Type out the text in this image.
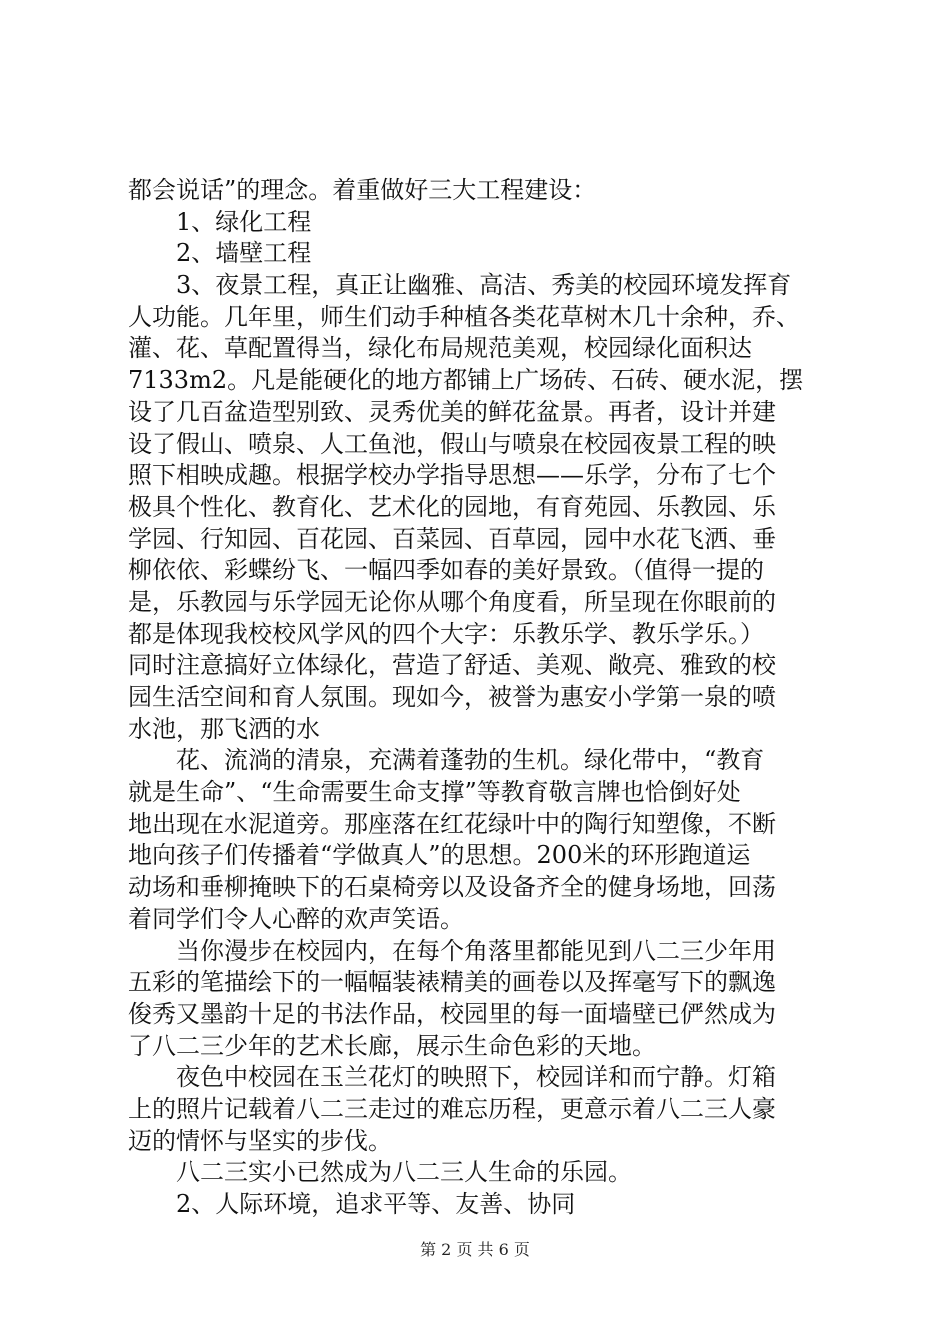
都会说话”的理念。着重做好三大工程建设：
　　1、绿化工程
　　2、墙壁工程
　　3、夜景工程，真正让幽雅、高洁、秀美的校园环境发挥育
人功能。几年里，师生们动手种植各类花草树木几十余种，乔、
灌、花、草配置得当，绿化布局规范美观，校园绿化面积达
7133m2。凡是能硬化的地方都铺上广场砖、石砖、硬水泥，摆
设了几百盆造型别致、灵秀优美的鲜花盆景。再者，设计并建
设了假山、喷泉、人工鱼池，假山与喷泉在校园夜景工程的映
照下相映成趣。根据学校办学指导思想——乐学，分布了七个
极具个性化、教育化、艺术化的园地，有育苑园、乐教园、乐
学园、行知园、百花园、百菜园、百草园，园中水花飞洒、垂
柳依依、彩蝶纷飞、一幅四季如春的美好景致。（值得一提的
是，乐教园与乐学园无论你从哪个角度看，所呈现在你眼前的
都是体现我校校风学风的四个大字：乐教乐学、教乐学乐。）
同时注意搞好立体绿化，营造了舒适、美观、敞亮、雅致的校
园生活空间和育人氛围。现如今，被誉为惠安小学第一泉的喷
水池，那飞洒的水
　　花、流淌的清泉，充满着蓬勃的生机。绿化带中，“教育
就是生命”、“生命需要生命支撑”等教育敬言牌也恰倒好处
地出现在水泥道旁。那座落在红花绿叶中的陶行知塑像，不断
地向孩子们传播着“学做真人”的思想。200米的环形跑道运
动场和垂柳掩映下的石桌椅旁以及设备齐全的健身场地，回荡
着同学们令人心醉的欢声笑语。
　　当你漫步在校园内，在每个角落里都能见到八二三少年用
五彩的笔描绘下的一幅幅装裱精美的画卷以及挥毫写下的飘逸
俊秀又墨韵十足的书法作品，校园里的每一面墙壁已俨然成为
了八二三少年的艺术长廊，展示生命色彩的天地。
　　夜色中校园在玉兰花灯的映照下，校园详和而宁静。灯箱
上的照片记载着八二三走过的难忘历程，更意示着八二三人豪
迈的情怀与坚实的步伐。
　　八二三实小已然成为八二三人生命的乐园。
　　2、人际环境，追求平等、友善、协同
第 2 页 共 6 页
